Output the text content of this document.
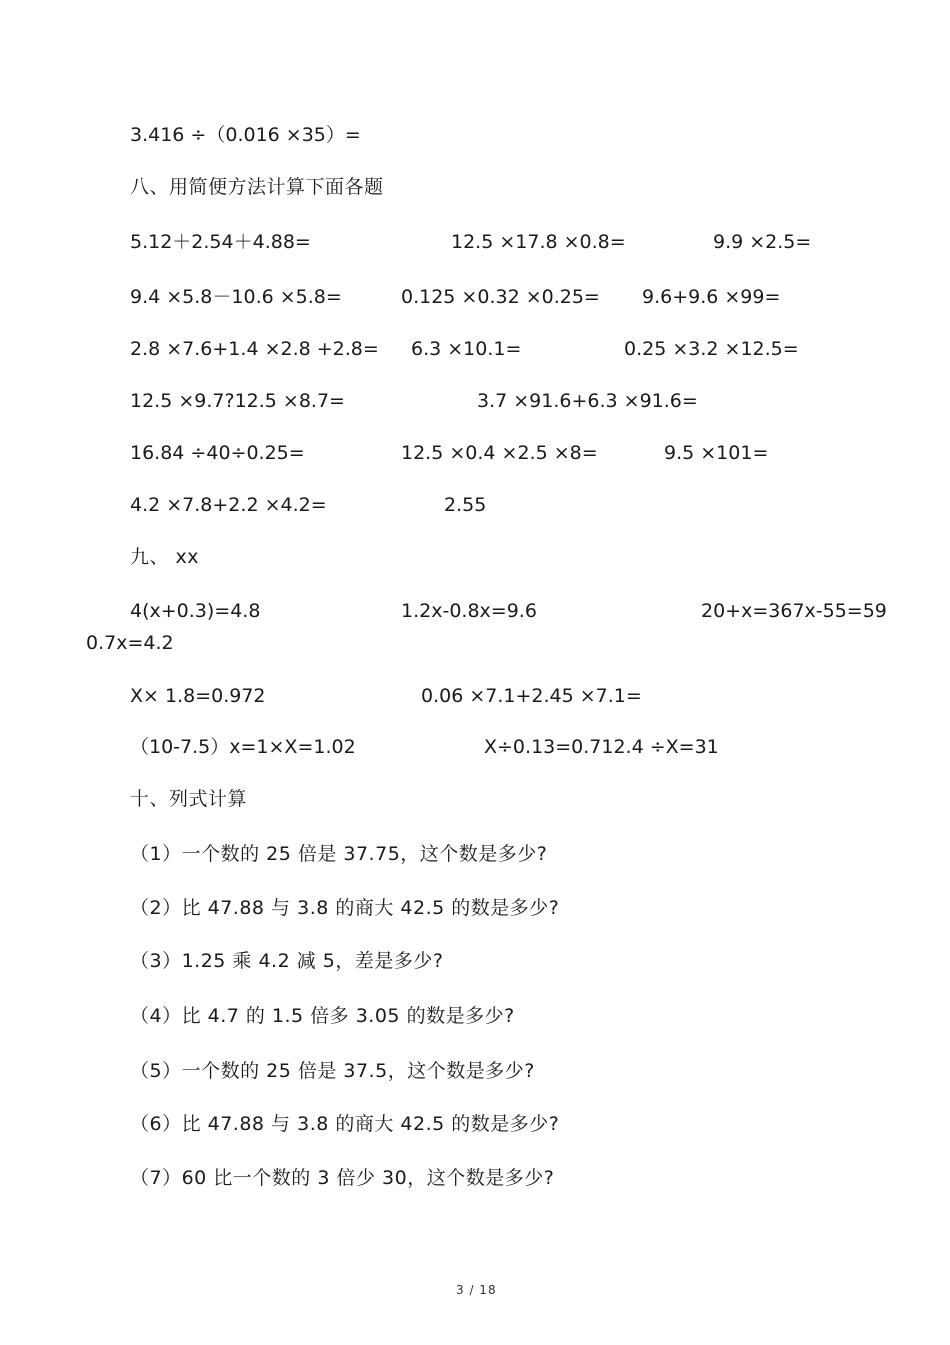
3.416 ÷（0.016 ×35）=
八、用简便方法计算下面各题
5.12＋2.54＋4.88=	12.5 ×17.8 ×0.8=	9.9 ×2.5=
9.4 ×5.8－10.6 ×5.8=	0.125 ×0.32 ×0.25= 9.6+9.6 ×99=
2.8 ×7.6+1.4 ×2.8 +2.8= 6.3 ×10.1=	0.25 ×3.2 ×12.5=
12.5 ×9.7?12.5 ×8.7=	3.7 ×91.6+6.3 ×91.6=
16.84 ÷40÷0.25=	12.5 ×0.4 ×2.5 ×8=	9.5 ×101=
4.2 ×7.8+2.2 ×4.2=	2.55
九、 xx
4(x+0.3)=4.8	1.2x-0.8x=9.6	20+x=367x-55=59
0.7x=4.2
X× 1.8=0.972	0.06 ×7.1+2.45 ×7.1=
（10-7.5）x=1×X=1.02	X÷0.13=0.712.4 ÷X=31
十、列式计算
（1）一个数的 25 倍是 37.75，这个数是多少?
（2）比 47.88 与 3.8 的商大 42.5 的数是多少?
（3）1.25 乘 4.2 减 5，差是多少?
（4）比 4.7 的 1.5 倍多 3.05 的数是多少?
（5）一个数的 25 倍是 37.5，这个数是多少?
（6）比 47.88 与 3.8 的商大 42.5 的数是多少?
（7）60 比一个数的 3 倍少 30，这个数是多少?
3 / 18
